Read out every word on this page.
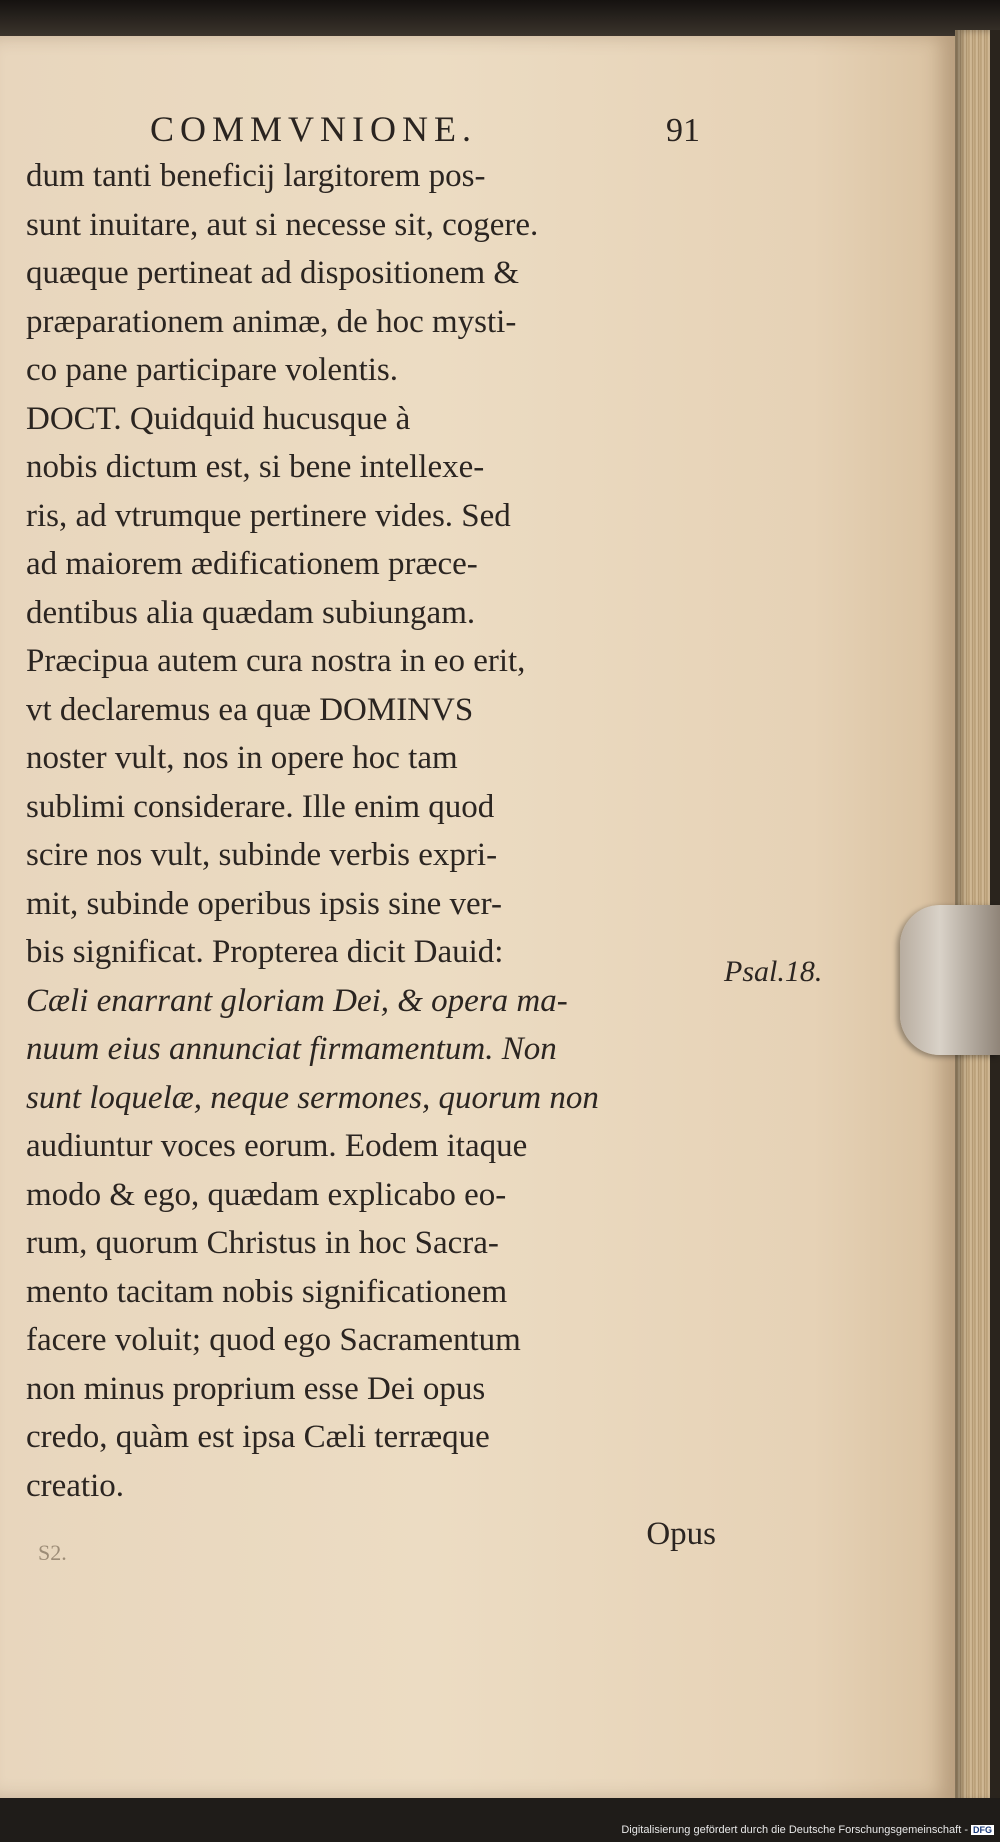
COMMVNIONE.	91
dum tanti beneficij largitorem pos-
sunt inuitare, aut si necesse sit, cogere.
quæque pertineat ad dispositionem &
præparationem animæ, de hoc mysti-
co pane participare volentis.
DOCT. Quidquid hucusque à
nobis dictum est, si bene intellexe-
ris, ad vtrumque pertinere vides. Sed
ad maiorem ædificationem præce-
dentibus alia quædam subiungam.
Præcipua autem cura nostra in eo erit,
vt declaremus ea quæ DOMINVS
noster vult, nos in opere hoc tam
sublimi considerare. Ille enim quod
scire nos vult, subinde verbis expri-
mit, subinde operibus ipsis sine ver-
bis significat. Propterea dicit Dauid:
Cæli enarrant gloriam Dei, & opera ma-
nuum eius annunciat firmamentum. Non
sunt loquelæ, neque sermones, quorum non
audiuntur voces eorum. Eodem itaque
modo & ego, quædam explicabo eo-
rum, quorum Christus in hoc Sacra-
mento tacitam nobis significationem
facere voluit; quod ego Sacramentum
non minus proprium esse Dei opus
credo, quàm est ipsa Cæli terræque
creatio.
Opus
Psal.18.
S2.
Digitalisierung gefördert durch die Deutsche Forschungsgemeinschaft - DFG
